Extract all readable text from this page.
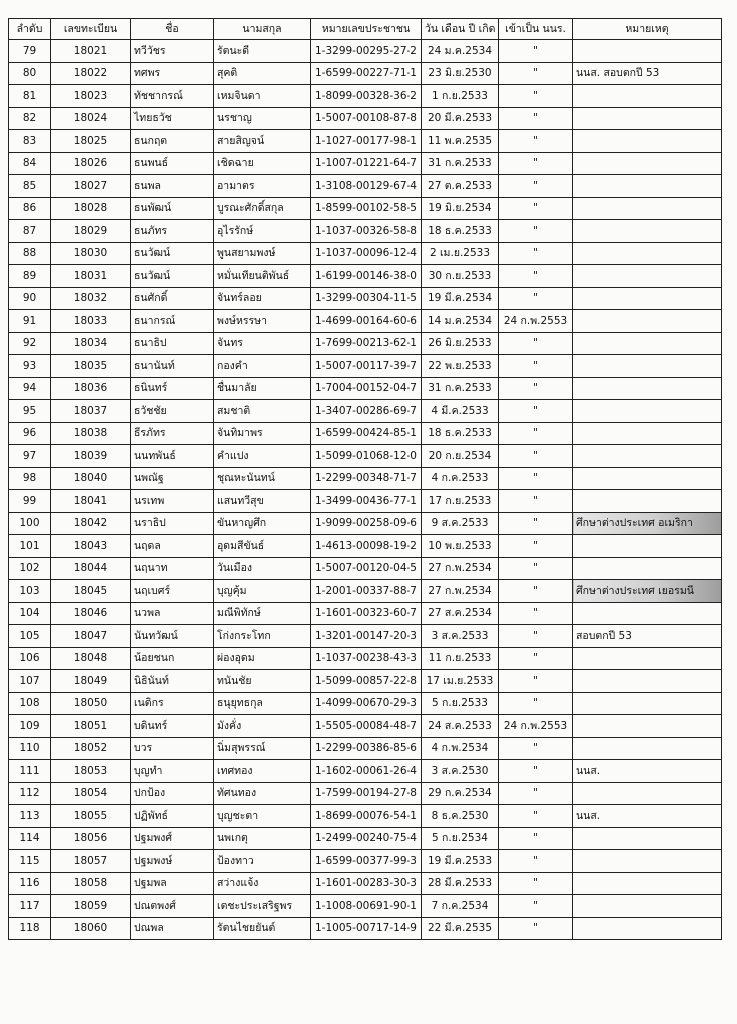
ลำดับ	เลขทะเบียน	ชื่อ	นามสกุล	หมายเลขประชาชน	วัน เดือน ปี เกิด	เข้าเป็น นนร.	หมายเหตุ
79	18021	ทวีวัชร	รัตนะดี	1-3299-00295-27-2	24 ม.ค.2534	"	
80	18022	ทศพร	สุคติ	1-6599-00227-71-1	23 มิ.ย.2530	"	นนส. สอบตกปี 53
81	18023	ทัชชากรณ์	เหมจินดา	1-8099-00328-36-2	1 ก.ย.2533	"	
82	18024	ไทยธวัช	นรชาญ	1-5007-00108-87-8	20 มี.ค.2533	"	
83	18025	ธนกฤต	สายสิญจน์	1-1027-00177-98-1	11 พ.ค.2535	"	
84	18026	ธนพนธ์	เชิดฉาย	1-1007-01221-64-7	31 ก.ค.2533	"	
85	18027	ธนพล	อามาตร	1-3108-00129-67-4	27 ต.ค.2533	"	
86	18028	ธนพัฒน์	บูรณะศักดิ์สกุล	1-8599-00102-58-5	19 มิ.ย.2534	"	
87	18029	ธนภัทร	อุไรรักษ์	1-1037-00326-58-8	18 ธ.ค.2533	"	
88	18030	ธนวัฒน์	พูนสยามพงษ์	1-1037-00096-12-4	2 เม.ย.2533	"	
89	18031	ธนวัฒน์	หมั่นเทียนติพันธ์	1-6199-00146-38-0	30 ก.ย.2533	"	
90	18032	ธนศักดิ์	จันทร์ลอย	1-3299-00304-11-5	19 มี.ค.2534	"	
91	18033	ธนากรณ์	พงษ์หรรษา	1-4699-00164-60-6	14 ม.ค.2534	24 ก.พ.2553	
92	18034	ธนาธิป	จันทร	1-7699-00213-62-1	26 มิ.ย.2533	"	
93	18035	ธนานันท์	กองคำ	1-5007-00117-39-7	22 พ.ย.2533	"	
94	18036	ธนินทร์	ชื่นมาลัย	1-7004-00152-04-7	31 ก.ค.2533	"	
95	18037	ธวัชชัย	สมชาติ	1-3407-00286-69-7	4 มี.ค.2533	"	
96	18038	ธีรภัทร	จันทิมาพร	1-6599-00424-85-1	18 ธ.ค.2533	"	
97	18039	นนทพันธ์	คำแปง	1-5099-01068-12-0	20 ก.ย.2534	"	
98	18040	นพณัฐ	ชุณหะนันทน์	1-2299-00348-71-7	4 ก.ค.2533	"	
99	18041	นรเทพ	แสนทวีสุข	1-3499-00436-77-1	17 ก.ย.2533	"	
100	18042	นราธิป	ขันหาญศึก	1-9099-00258-09-6	9 ส.ค.2533	"	ศึกษาต่างประเทศ อเมริกา
101	18043	นฤดล	อุดมสีขันธ์	1-4613-00098-19-2	10 พ.ย.2533	"	
102	18044	นฤนาท	วันเมือง	1-5007-00120-04-5	27 ก.พ.2534	"	
103	18045	นฤเบศร์	บุญคุ้ม	1-2001-00337-88-7	27 ก.พ.2534	"	ศึกษาต่างประเทศ เยอรมนี
104	18046	นวพล	มณีพิทักษ์	1-1601-00323-60-7	27 ส.ค.2534	"	
105	18047	นันทวัฒน์	โก่งกระโทก	1-3201-00147-20-3	3 ส.ค.2533	"	สอบตกปี 53
106	18048	น้อยชนก	ผ่องอุดม	1-1037-00238-43-3	11 ก.ย.2533	"	
107	18049	นิธินันท์	ทนันชัย	1-5099-00857-22-8	17 เม.ย.2533	"	
108	18050	เนติกร	ธนุยุทธกุล	1-4099-00670-29-3	5 ก.ย.2533	"	
109	18051	บดินทร์	มังคั่ง	1-5505-00084-48-7	24 ส.ค.2533	24 ก.พ.2553	
110	18052	บวร	นิ่มสุพรรณ์	1-2299-00386-85-6	4 ก.พ.2534	"	
111	18053	บุญทำ	เทศทอง	1-1602-00061-26-4	3 ส.ค.2530	"	นนส.
112	18054	ปกป้อง	ทัศนทอง	1-7599-00194-27-8	29 ก.ค.2534	"	
113	18055	ปฏิพัทธ์	บุญชะตา	1-8699-00076-54-1	8 ธ.ค.2530	"	นนส.
114	18056	ปฐมพงศ์	นพเกตุ	1-2499-00240-75-4	5 ก.ย.2534	"	
115	18057	ปฐมพงษ์	ป้องทาว	1-6599-00377-99-3	19 มี.ค.2533	"	
116	18058	ปฐมพล	สว่างแจ้ง	1-1601-00283-30-3	28 มี.ค.2533	"	
117	18059	ปณตพงศ์	เตชะประเสริฐพร	1-1008-00691-90-1	7 ก.ค.2534	"	
118	18060	ปณพล	รัตนไชยยันต์	1-1005-00717-14-9	22 มี.ค.2535	"	
